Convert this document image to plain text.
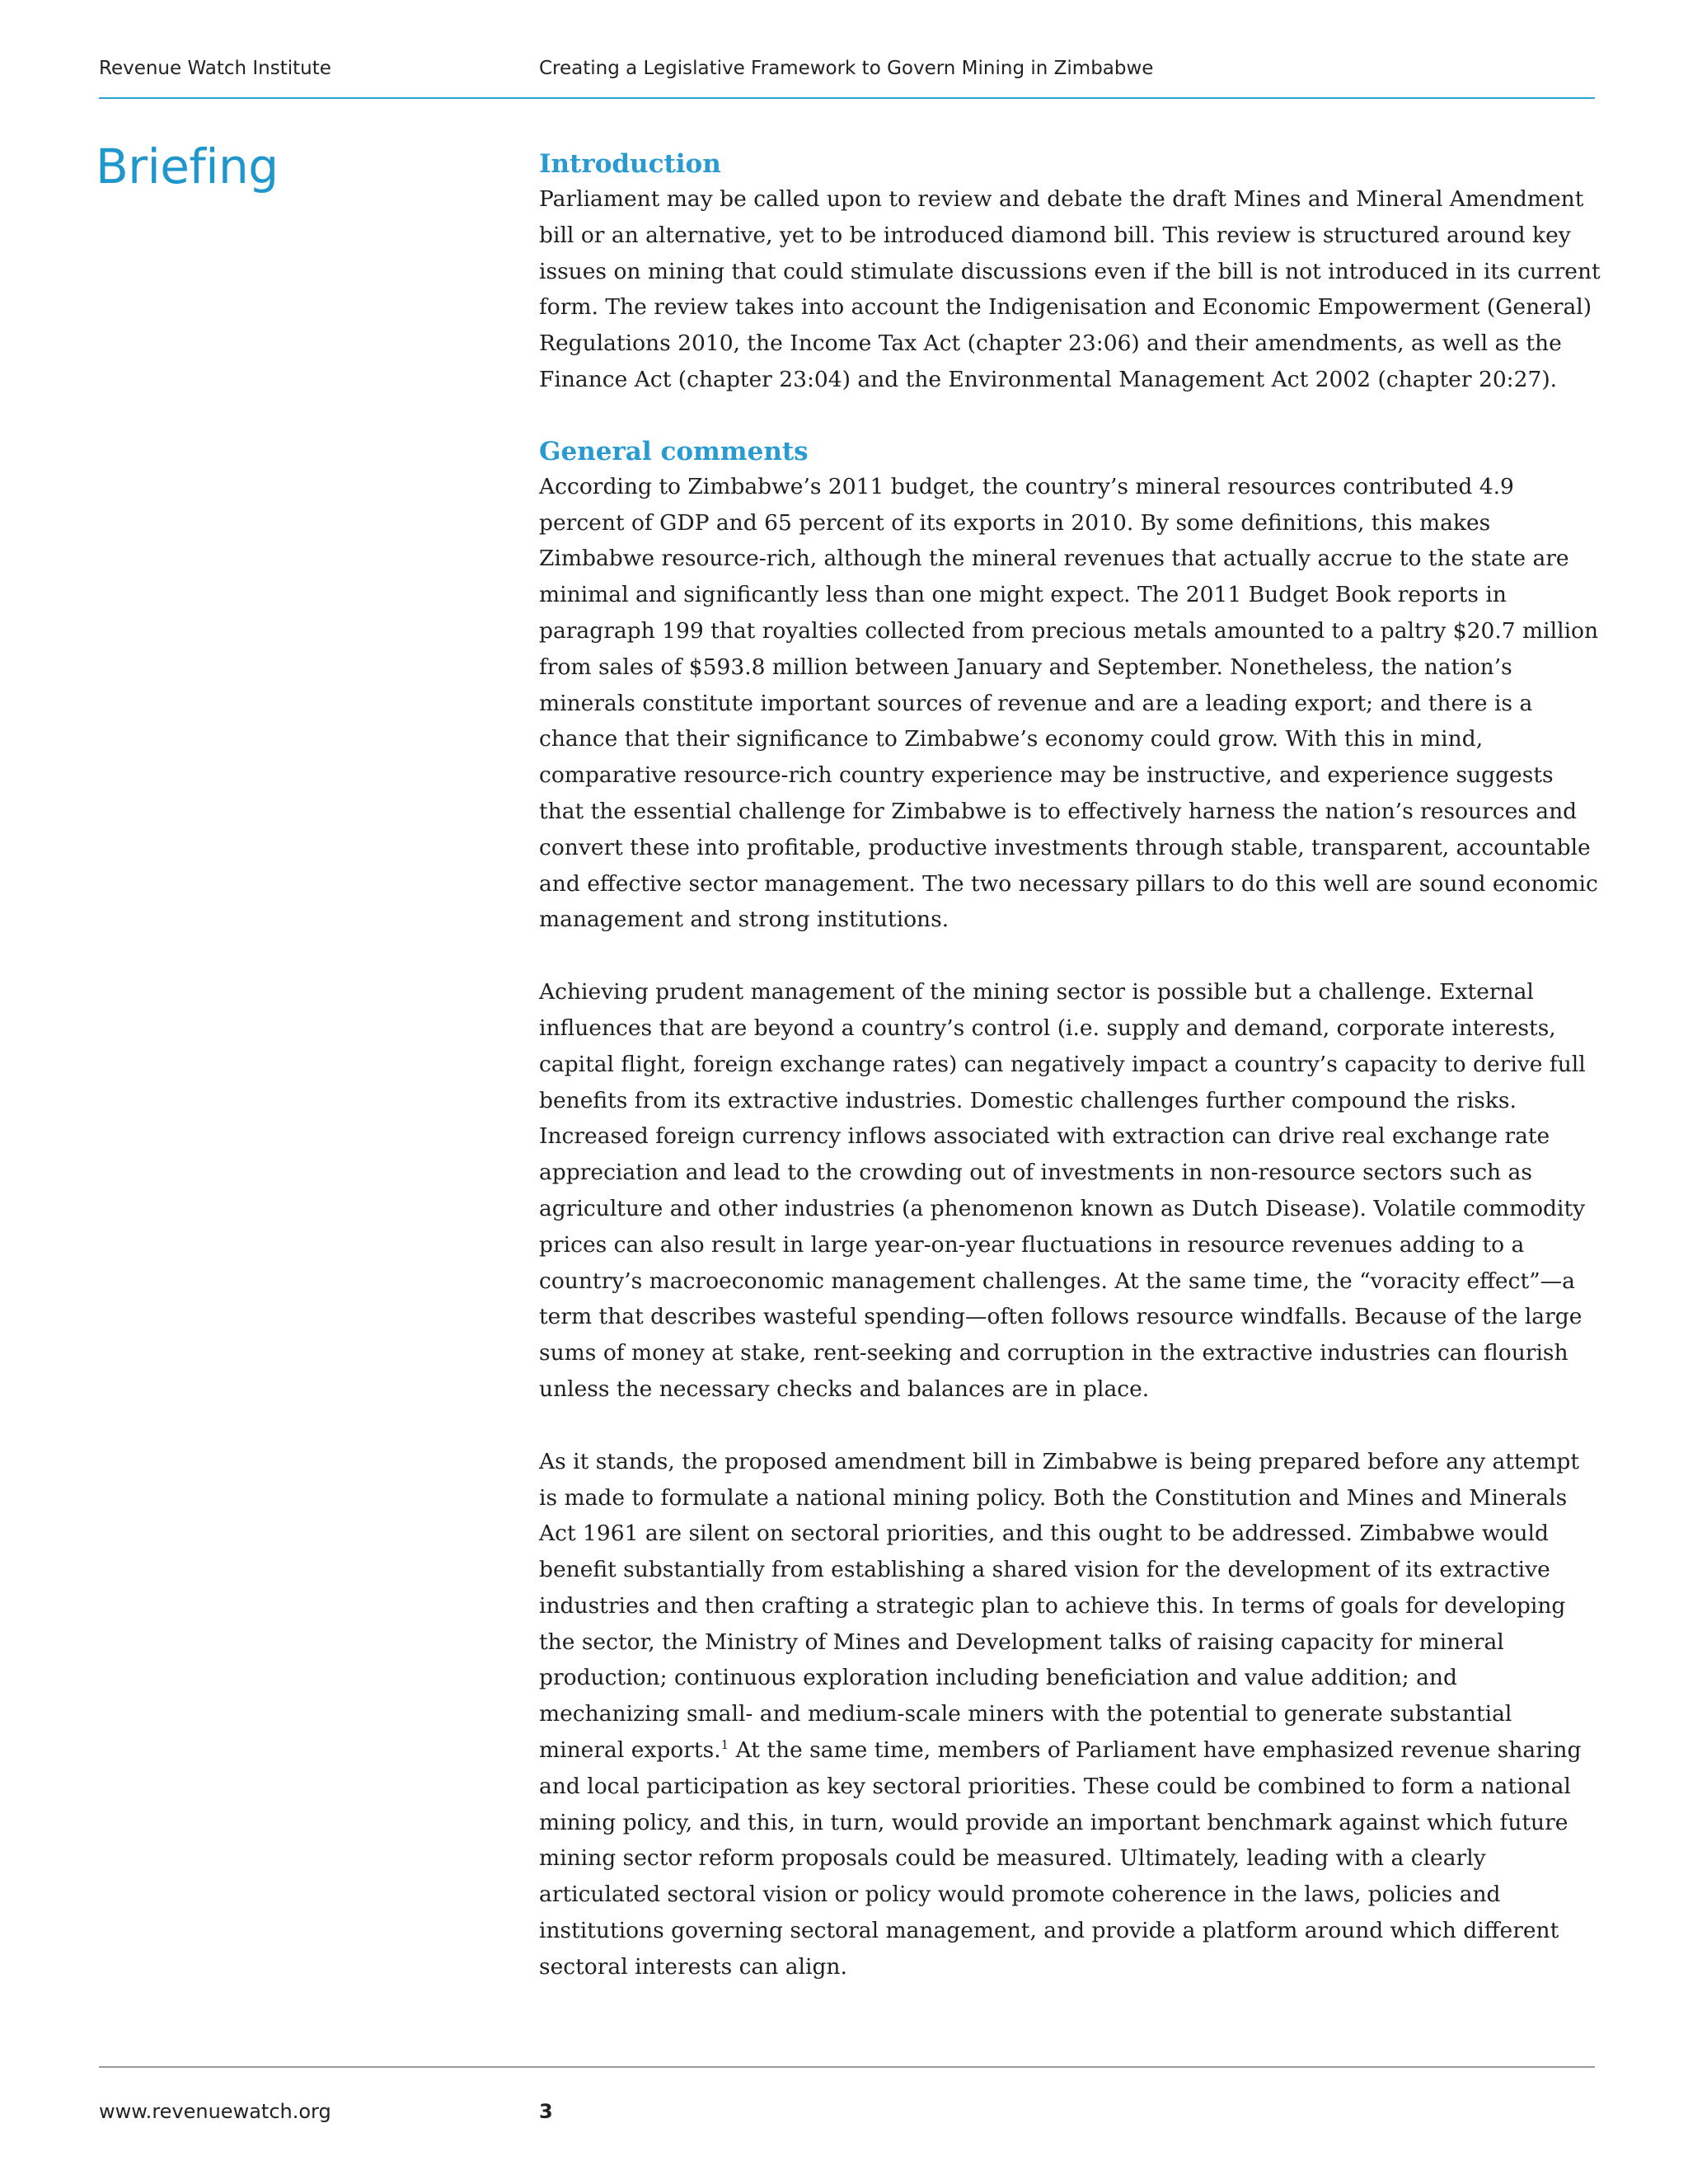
Revenue Watch Institute	Creating a Legislative Framework to Govern Mining in Zimbabwe
Briefing	Introduction

Parliament may be called upon to review and debate the draft Mines and Mineral Amendment bill or an alternative, yet to be introduced diamond bill. This review is structured around key issues on mining that could stimulate discussions even if the bill is not introduced in its current form. The review takes into account the Indigenisation and Economic Empowerment (General) Regulations 2010, the Income Tax Act (chapter 23:06) and their amendments, as well as the Finance Act (chapter 23:04) and the Environmental Management Act 2002 (chapter 20:27).

General comments

According to Zimbabwe’s 2011 budget, the country’s mineral resources contributed 4.9 percent of GDP and 65 percent of its exports in 2010. By some definitions, this makes Zimbabwe resource-rich, although the mineral revenues that actually accrue to the state are minimal and significantly less than one might expect. The 2011 Budget Book reports in paragraph 199 that royalties collected from precious metals amounted to a paltry $20.7 million from sales of $593.8 million between January and September. Nonetheless, the nation’s minerals constitute important sources of revenue and are a leading export; and there is a chance that their significance to Zimbabwe’s economy could grow. With this in mind, comparative resource-rich country experience may be instructive, and experience suggests that the essential challenge for Zimbabwe is to effectively harness the nation’s resources and convert these into profitable, productive investments through stable, transparent, accountable and effective sector management. The two necessary pillars to do this well are sound economic management and strong institutions.

Achieving prudent management of the mining sector is possible but a challenge. External influences that are beyond a country’s control (i.e. supply and demand, corporate interests, capital flight, foreign exchange rates) can negatively impact a country’s capacity to derive full benefits from its extractive industries. Domestic challenges further compound the risks. Increased foreign currency inflows associated with extraction can drive real exchange rate appreciation and lead to the crowding out of investments in non-resource sectors such as agriculture and other industries (a phenomenon known as Dutch Disease). Volatile commodity prices can also result in large year-on-year fluctuations in resource revenues adding to a country’s macroeconomic management challenges. At the same time, the “voracity effect”—a term that describes wasteful spending—often follows resource windfalls. Because of the large sums of money at stake, rent-seeking and corruption in the extractive industries can flourish unless the necessary checks and balances are in place.

As it stands, the proposed amendment bill in Zimbabwe is being prepared before any attempt is made to formulate a national mining policy. Both the Constitution and Mines and Minerals Act 1961 are silent on sectoral priorities, and this ought to be addressed. Zimbabwe would benefit substantially from establishing a shared vision for the development of its extractive industries and then crafting a strategic plan to achieve this. In terms of goals for developing the sector, the Ministry of Mines and Development talks of raising capacity for mineral production; continuous exploration including beneficiation and value addition; and mechanizing small- and medium-scale miners with the potential to generate substantial mineral exports.$^1$ At the same time, members of Parliament have emphasized revenue sharing and local participation as key sectoral priorities. These could be combined to form a national mining policy, and this, in turn, would provide an important benchmark against which future mining sector reform proposals could be measured. Ultimately, leading with a clearly articulated sectoral vision or policy would promote coherence in the laws, policies and institutions governing sectoral management, and provide a platform around which different sectoral interests can align.

www.revenuewatch.org	3
